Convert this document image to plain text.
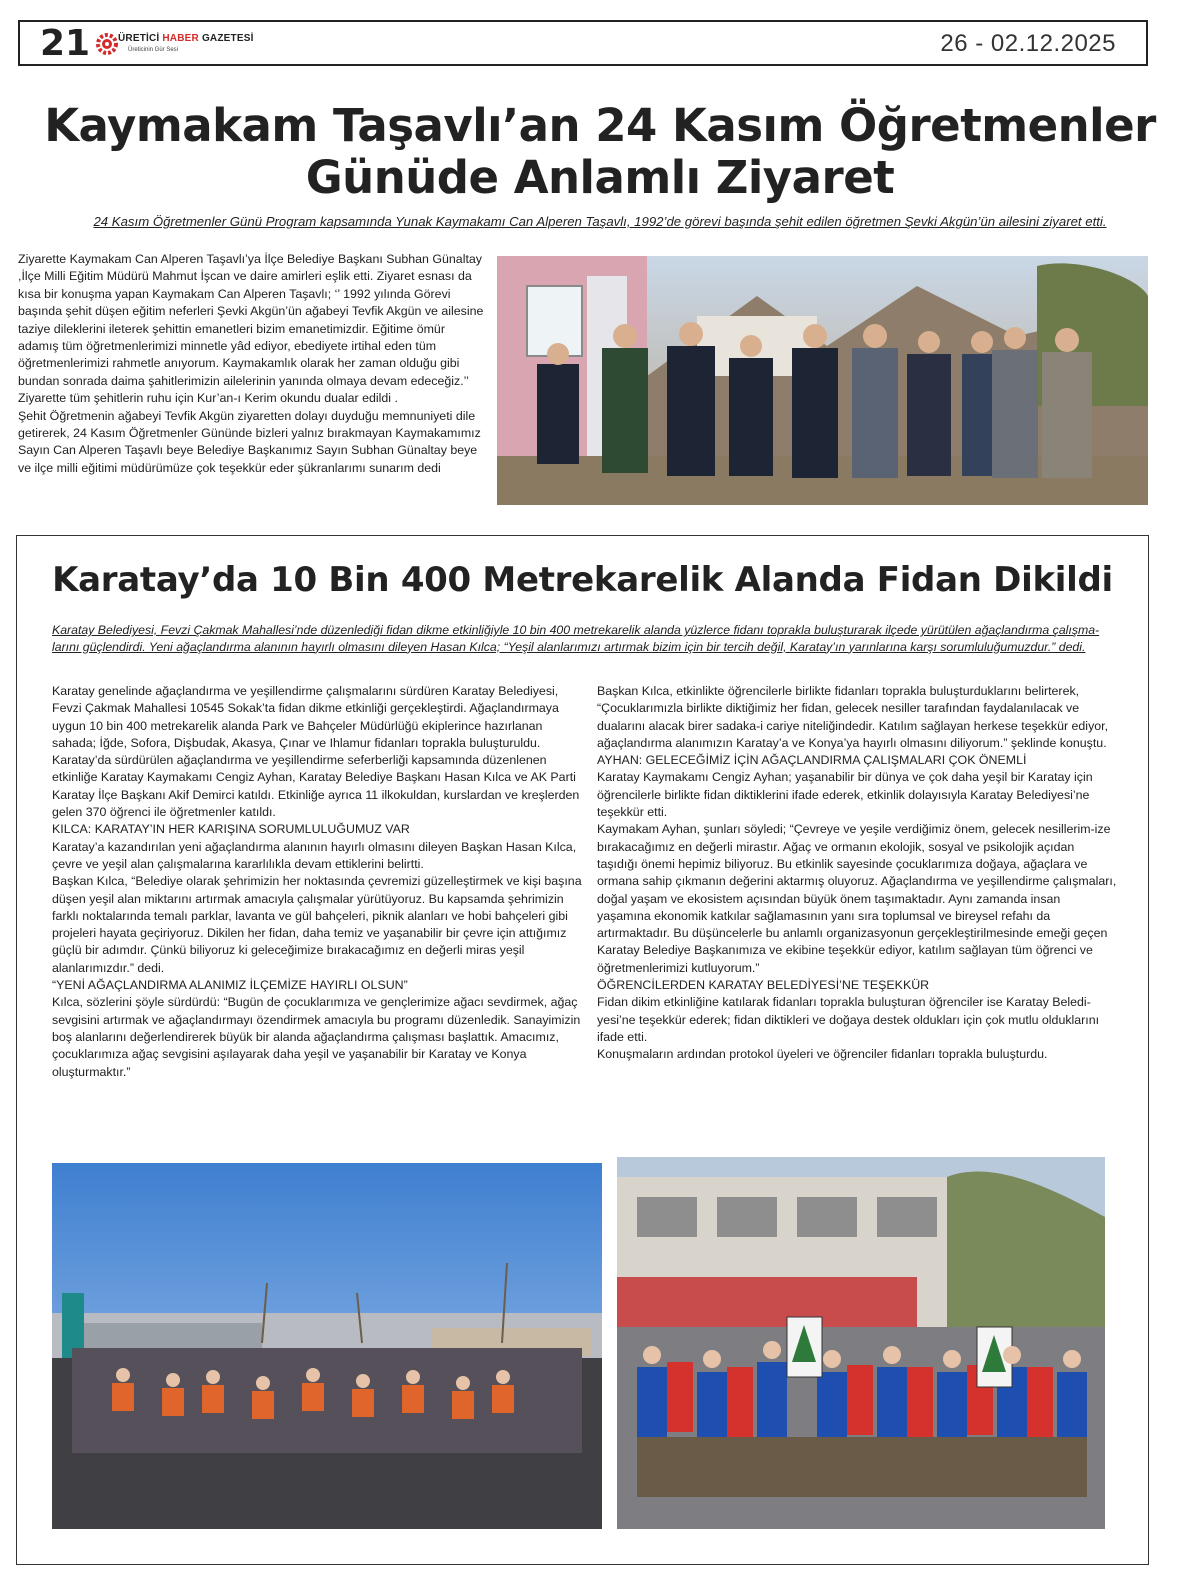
21	ÜRETİCİ HABER GAZETESİ
Üreticinin Gür Sesi	26 - 02.12.2025
Kaymakam Taşavlı’an 24 Kasım Öğretmenler
Günüde Anlamlı Ziyaret
24 Kasım Öğretmenler Günü Program kapsamında Yunak Kaymakamı Can Alperen Taşavlı, 1992’de görevi başında şehit edilen öğretmen Şevki Akgün’ün ailesini ziyaret etti.

Ziyarette Kaymakam Can Alperen Taşavlı’ya İlçe Belediye Başkanı Subhan Günaltay ,İlçe Milli Eğitim Müdürü Mahmut İşcan ve daire amirleri eşlik etti. Ziyaret esnası da kısa bir konuşma yapan Kaymakam Can Alperen Taşavlı; ‘’ 1992 yılında Görevi başında şehit düşen eğitim neferleri Şevki Akgün’ün ağabeyi Tevfik Akgün ve ailesine taziye dileklerini ileterek şehittin emanetleri bizim emanetimizdir. Eğitime ömür adamış tüm öğretmenlerimizi minnetle yâd ediyor, ebediyete irtihal eden tüm öğretmenlerimizi rahmetle anıyorum. Kaymakamlık olarak her zaman olduğu gibi bundan sonrada daima şahitlerimizin ailelerinin yanında olmaya devam edeceğiz.’’

Ziyarette tüm şehitlerin ruhu için Kur’an-ı Kerim okundu dualar edildi .

Şehit Öğretmenin ağabeyi Tevfik Akgün ziyaretten dolayı duyduğu memnuniyeti dile getirerek, 24 Kasım Öğretmenler Gününde bizleri yalnız bırakmayan Kaymakamımız Sayın Can Alperen Taşavlı beye Belediye Başkanımız Sayın Subhan Günaltay beye ve ilçe milli eğitimi müdürümüze çok teşekkür eder şükranlarımı sunarım dedi

Karatay’da 10 Bin 400 Metrekarelik Alanda Fidan Dikildi
Karatay Belediyesi, Fevzi Çakmak Mahallesi’nde düzenlediği fidan dikme etkinliğiyle 10 bin 400 metrekarelik alanda yüzlerce fidanı toprakla buluşturarak ilçede yürütülen ağaçlandırma çalışma-larını güçlendirdi. Yeni ağaçlandırma alanının hayırlı olmasını dileyen Hasan Kılca; “Yeşil alanlarımızı artırmak bizim için bir tercih değil, Karatay’ın yarınlarına karşı sorumluluğumuzdur.” dedi.

Karatay genelinde ağaçlandırma ve yeşillendirme çalışmalarını sürdüren Karatay Belediyesi, Fevzi Çakmak Mahallesi 10545 Sokak’ta fidan dikme etkinliği gerçekleştirdi. Ağaçlandırmaya uygun 10 bin 400 metrekarelik alanda Park ve Bahçeler Müdürlüğü ekiplerince hazırlanan sahada; İğde, Sofora, Dişbudak, Akasya, Çınar ve Ihlamur fidanları toprakla buluşturuldu.

Karatay’da sürdürülen ağaçlandırma ve yeşillendirme seferberliği kapsamında düzenlenen etkinliğe Karatay Kaymakamı Cengiz Ayhan, Karatay Belediye Başkanı Hasan Kılca ve AK Parti Karatay İlçe Başkanı Akif Demirci katıldı. Etkinliğe ayrıca 11 ilkokuldan, kurslardan ve kreşlerden gelen 370 öğrenci ile öğretmenler katıldı.

KILCA: KARATAY’IN HER KARIŞINA SORUMLULUĞUMUZ VAR

Karatay’a kazandırılan yeni ağaçlandırma alanının hayırlı olmasını dileyen Başkan Hasan Kılca, çevre ve yeşil alan çalışmalarına kararlılıkla devam ettiklerini belirtti.

Başkan Kılca, “Belediye olarak şehrimizin her noktasında çevremizi güzelleştirmek ve kişi başına düşen yeşil alan miktarını artırmak amacıyla çalışmalar yürütüyoruz. Bu kapsamda şehrimizin farklı noktalarında temalı parklar, lavanta ve gül bahçeleri, piknik alanları ve hobi bahçeleri gibi projeleri hayata geçiriyoruz. Dikilen her fidan, daha temiz ve yaşanabilir bir çevre için attığımız güçlü bir adımdır. Çünkü biliyoruz ki geleceğimize bırakacağımız en değerli miras yeşil alanlarımızdır.” dedi.

“YENİ AĞAÇLANDIRMA ALANIMIZ İLÇEMİZE HAYIRLI OLSUN”

Kılca, sözlerini şöyle sürdürdü: “Bugün de çocuklarımıza ve gençlerimize ağacı sevdirmek, ağaç sevgisini artırmak ve ağaçlandırmayı özendirmek amacıyla bu programı düzenledik. Sanayimizin boş alanlarını değerlendirerek büyük bir alanda ağaçlandırma çalışması başlattık. Amacımız, çocuklarımıza ağaç sevgisini aşılayarak daha yeşil ve yaşanabilir bir Karatay ve Konya oluşturmaktır.”

Başkan Kılca, etkinlikte öğrencilerle birlikte fidanları toprakla buluşturduklarını belirterek, “Çocuklarımızla birlikte diktiğimiz her fidan, gelecek nesiller tarafından faydalanılacak ve dualarını alacak birer sadaka-i cariye niteliğindedir. Katılım sağlayan herkese teşekkür ediyor, ağaçlandırma alanımızın Karatay’a ve Konya’ya hayırlı olmasını diliyorum.” şeklinde konuştu.

AYHAN: GELECEĞİMİZ İÇİN AĞAÇLANDIRMA ÇALIŞMALARI ÇOK ÖNEMLİ

Karatay Kaymakamı Cengiz Ayhan; yaşanabilir bir dünya ve çok daha yeşil bir Karatay için öğrencilerle birlikte fidan diktiklerini ifade ederek, etkinlik dolayısıyla Karatay Belediyesi’ne teşekkür etti.

Kaymakam Ayhan, şunları söyledi; “Çevreye ve yeşile verdiğimiz önem, gelecek nesillerim-ize bırakacağımız en değerli mirastır. Ağaç ve ormanın ekolojik, sosyal ve psikolojik açıdan taşıdığı önemi hepimiz biliyoruz. Bu etkinlik sayesinde çocuklarımıza doğaya, ağaçlara ve ormana sahip çıkmanın değerini aktarmış oluyoruz. Ağaçlandırma ve yeşillendirme çalışmaları, doğal yaşam ve ekosistem açısından büyük önem taşımaktadır. Aynı zamanda insan yaşamına ekonomik katkılar sağlamasının yanı sıra toplumsal ve bireysel refahı da artırmaktadır. Bu düşüncelerle bu anlamlı organizasyonun gerçekleştirilmesinde emeği geçen Karatay Belediye Başkanımıza ve ekibine teşekkür ediyor, katılım sağlayan tüm öğrenci ve öğretmenlerimizi kutluyorum.”

ÖĞRENCİLERDEN KARATAY BELEDİYESİ’NE TEŞEKKÜR

Fidan dikim etkinliğine katılarak fidanları toprakla buluşturan öğrenciler ise Karatay Beledi-yesi’ne teşekkür ederek; fidan diktikleri ve doğaya destek oldukları için çok mutlu olduklarını ifade etti.

Konuşmaların ardından protokol üyeleri ve öğrenciler fidanları toprakla buluşturdu.
